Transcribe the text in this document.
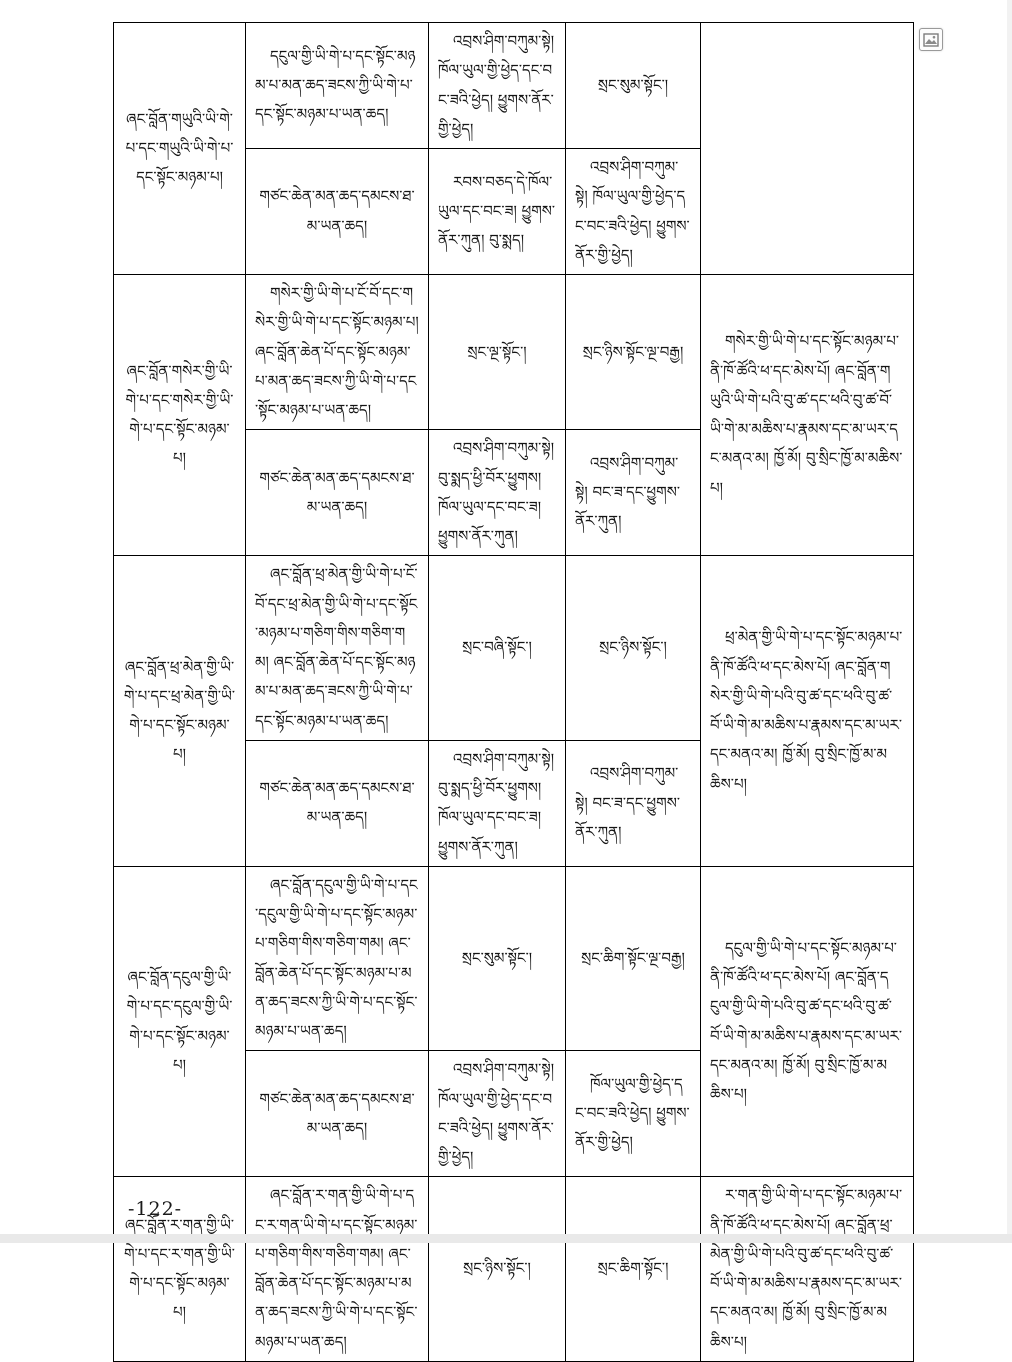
ཞང་བློན་གཡུའི་ཡི་གེ་པ་དང་གཡུའི་ཡི་གེ་པ་དང་སྟོང་མཉམ་པ།	དངུལ་གྱི་ཡི་གེ་པ་དང་སྟོང་མཉམ་པ་མན་ཆད་ཟངས་ཀྱི་ཡི་གེ་པ་དང་སྟོང་མཉམ་པ་ཡན་ཆད།	འབྲས་ཤིག་བཀུམ་སྟེ། ཁོལ་ཡུལ་གྱི་ཕྱེད་དང་བང་ཟའི་ཕྱེད། ཕྱུགས་ནོར་གྱི་ཕྱེད།	སྲང་སུམ་སྟོང་།	
	གཙང་ཆེན་མན་ཆད་དམངས་ཐ་མ་ཡན་ཆད།	རབས་བཅད་དེ་ཁོལ་ཡུལ་དང་བང་ཟ། ཕྱུགས་ནོར་ཀུན། བུ་སྨད།	འབྲས་ཤིག་བཀུམ་སྟེ། ཁོལ་ཡུལ་གྱི་ཕྱེད་དང་བང་ཟའི་ཕྱེད། ཕྱུགས་ནོར་གྱི་ཕྱེད།	
ཞང་བློན་གསེར་གྱི་ཡི་གེ་པ་དང་གསེར་གྱི་ཡི་གེ་པ་དང་སྟོང་མཉམ་པ།	གསེར་གྱི་ཡི་གེ་པ་ངོ་བོ་དང་གསེར་གྱི་ཡི་གེ་པ་དང་སྟོང་མཉམ་པ། ཞང་བློན་ཆེན་པོ་དང་སྟོང་མཉམ་པ་མན་ཆད་ཟངས་ཀྱི་ཡི་གེ་པ་དང་སྟོང་མཉམ་པ་ཡན་ཆད།	སྲང་ལྔ་སྟོང་།	སྲང་ཉིས་སྟོང་ལྔ་བརྒྱ།	གསེར་གྱི་ཡི་གེ་པ་དང་སྟོང་མཉམ་པ་ནི་ཁོ་ཚོའི་ཕ་དང་མེས་པོ། ཞང་བློན་གཡུའི་ཡི་གེ་པའི་བུ་ཚ་དང་ཕའི་བུ་ཚ་བོ་ཡི་གེ་མ་མཆིས་པ་རྣམས་དང་མ་ཡར་དང་མནའ་མ། ཁྱོ་མོ། བུ་སྲིང་ཁྱོ་མ་མཆིས་པ།
	གཙང་ཆེན་མན་ཆད་དམངས་ཐ་མ་ཡན་ཆད།	འབྲས་ཤིག་བཀུམ་སྟེ། བུ་སྨད་ཕྱི་བོར་ཕྱུགས། ཁོལ་ཡུལ་དང་བང་ཟ། ཕྱུགས་ནོར་ཀུན།	འབྲས་ཤིག་བཀུམ་སྟེ། བང་ཟ་དང་ཕྱུགས་ནོར་ཀུན།	
ཞང་བློན་ཕྲ་མེན་གྱི་ཡི་གེ་པ་དང་ཕྲ་མེན་གྱི་ཡི་གེ་པ་དང་སྟོང་མཉམ་པ།	ཞང་བློན་ཕྲ་མེན་གྱི་ཡི་གེ་པ་ངོ་བོ་དང་ཕྲ་མེན་གྱི་ཡི་གེ་པ་དང་སྟོང་མཉམ་པ་གཅིག་གིས་གཅིག་གམ། ཞང་བློན་ཆེན་པོ་དང་སྟོང་མཉམ་པ་མན་ཆད་ཟངས་ཀྱི་ཡི་གེ་པ་དང་སྟོང་མཉམ་པ་ཡན་ཆད།	སྲང་བཞི་སྟོང་།	སྲང་ཉིས་སྟོང་།	ཕྲ་མེན་གྱི་ཡི་གེ་པ་དང་སྟོང་མཉམ་པ་ནི་ཁོ་ཚོའི་ཕ་དང་མེས་པོ། ཞང་བློན་གསེར་གྱི་ཡི་གེ་པའི་བུ་ཚ་དང་ཕའི་བུ་ཚ་བོ་ཡི་གེ་མ་མཆིས་པ་རྣམས་དང་མ་ཡར་དང་མནའ་མ། ཁྱོ་མོ། བུ་སྲིང་ཁྱོ་མ་མཆིས་པ།
	གཙང་ཆེན་མན་ཆད་དམངས་ཐ་མ་ཡན་ཆད།	འབྲས་ཤིག་བཀུམ་སྟེ། བུ་སྨད་ཕྱི་བོར་ཕྱུགས། ཁོལ་ཡུལ་དང་བང་ཟ། ཕྱུགས་ནོར་ཀུན།	འབྲས་ཤིག་བཀུམ་སྟེ། བང་ཟ་དང་ཕྱུགས་ནོར་ཀུན།	
ཞང་བློན་དངུལ་གྱི་ཡི་གེ་པ་དང་དངུལ་གྱི་ཡི་གེ་པ་དང་སྟོང་མཉམ་པ།	ཞང་བློན་དངུལ་གྱི་ཡི་གེ་པ་དང་དངུལ་གྱི་ཡི་གེ་པ་དང་སྟོང་མཉམ་པ་གཅིག་གིས་གཅིག་གམ། ཞང་བློན་ཆེན་པོ་དང་སྟོང་མཉམ་པ་མན་ཆད་ཟངས་ཀྱི་ཡི་གེ་པ་དང་སྟོང་མཉམ་པ་ཡན་ཆད།	སྲང་སུམ་སྟོང་།	སྲང་ཆིག་སྟོང་ལྔ་བརྒྱ།	དངུལ་གྱི་ཡི་གེ་པ་དང་སྟོང་མཉམ་པ་ནི་ཁོ་ཚོའི་ཕ་དང་མེས་པོ། ཞང་བློན་དངུལ་གྱི་ཡི་གེ་པའི་བུ་ཚ་དང་ཕའི་བུ་ཚ་བོ་ཡི་གེ་མ་མཆིས་པ་རྣམས་དང་མ་ཡར་དང་མནའ་མ། ཁྱོ་མོ། བུ་སྲིང་ཁྱོ་མ་མཆིས་པ།
	གཙང་ཆེན་མན་ཆད་དམངས་ཐ་མ་ཡན་ཆད།	འབྲས་ཤིག་བཀུམ་སྟེ། ཁོལ་ཡུལ་གྱི་ཕྱེད་དང་བང་ཟའི་ཕྱེད། ཕྱུགས་ནོར་གྱི་ཕྱེད།	ཁོལ་ཡུལ་གྱི་ཕྱེད་དང་བང་ཟའི་ཕྱེད། ཕྱུགས་ནོར་གྱི་ཕྱེད།	
ཞང་བློན་ར་གན་གྱི་ཡི་གེ་པ་དང་ར་གན་གྱི་ཡི་གེ་པ་དང་སྟོང་མཉམ་པ།	ཞང་བློན་ར་གན་གྱི་ཡི་གེ་པ་དང་ར་གན་ཡི་གེ་པ་དང་སྟོང་མཉམ་པ་གཅིག་གིས་གཅིག་གམ། ཞང་བློན་ཆེན་པོ་དང་སྟོང་མཉམ་པ་མན་ཆད་ཟངས་ཀྱི་ཡི་གེ་པ་དང་སྟོང་མཉམ་པ་ཡན་ཆད།	སྲང་ཉིས་སྟོང་།	སྲང་ཆིག་སྟོང་།	ར་གན་གྱི་ཡི་གེ་པ་དང་སྟོང་མཉམ་པ་ནི་ཁོ་ཚོའི་ཕ་དང་མེས་པོ། ཞང་བློན་ཕྲ་མེན་གྱི་ཡི་གེ་པའི་བུ་ཚ་དང་ཕའི་བུ་ཚ་བོ་ཡི་གེ་མ་མཆིས་པ་རྣམས་དང་མ་ཡར་དང་མནའ་མ། ཁྱོ་མོ། བུ་སྲིང་ཁྱོ་མ་མཆིས་པ།
-122-
